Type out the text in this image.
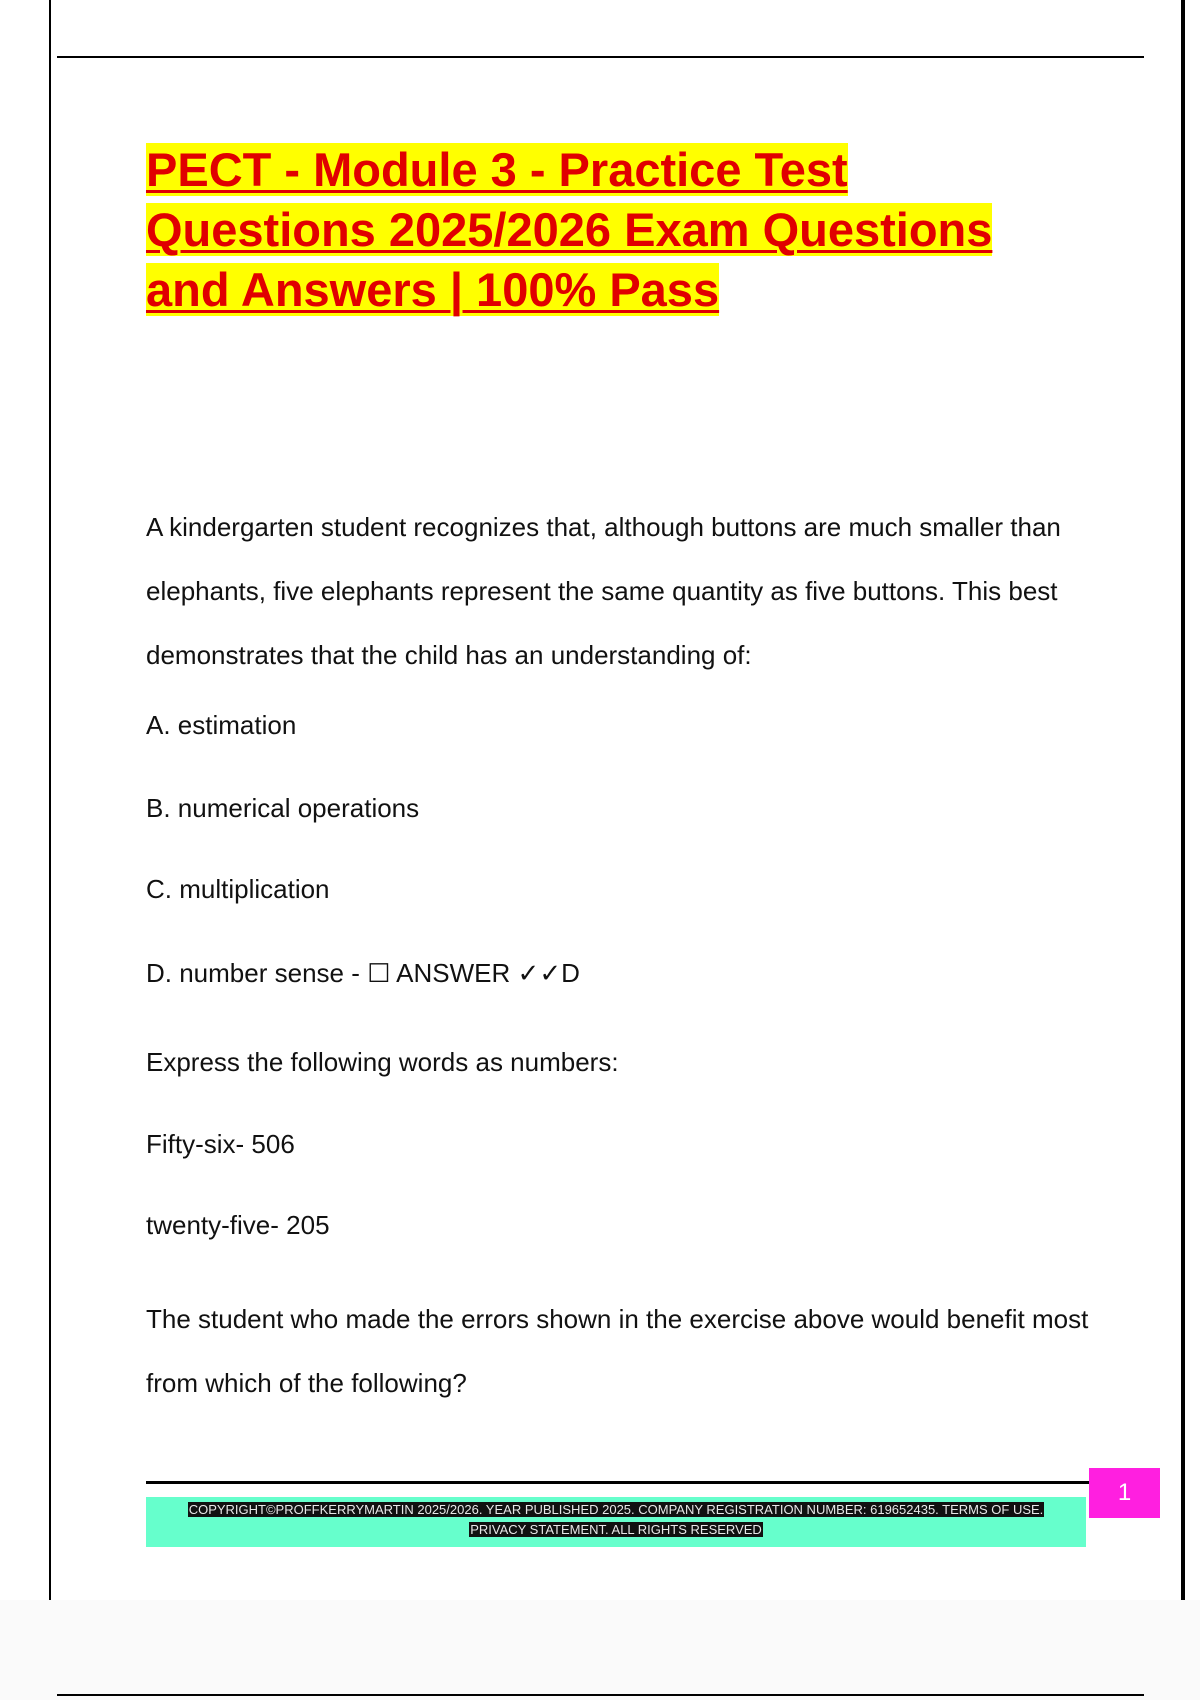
PECT - Module 3 - Practice Test Questions 2025/2026 Exam Questions and Answers | 100% Pass

A kindergarten student recognizes that, although buttons are much smaller than elephants, five elephants represent the same quantity as five buttons. This best demonstrates that the child has an understanding of:

A. estimation

B. numerical operations

C. multiplication

D. number sense - ☐ ANSWER ✓✓D

Express the following words as numbers:

Fifty-six- 506

twenty-five- 205

The student who made the errors shown in the exercise above would benefit most from which of the following?

COPYRIGHT©PROFFKERRYMARTIN 2025/2026. YEAR PUBLISHED 2025. COMPANY REGISTRATION NUMBER: 619652435. TERMS OF USE.
PRIVACY STATEMENT. ALL RIGHTS RESERVED
1
